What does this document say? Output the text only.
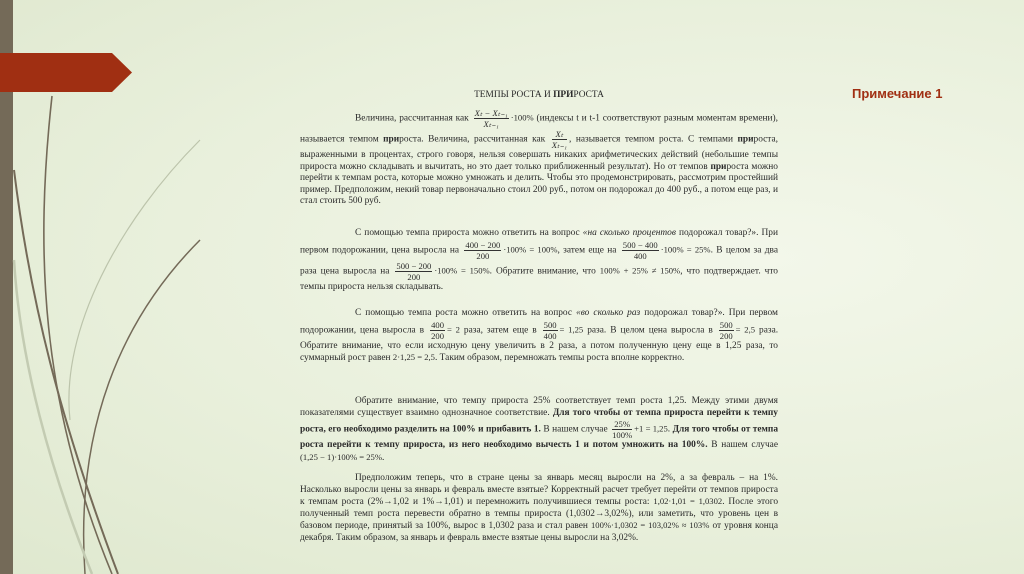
Примечание 1
ТЕМПЫ РОСТА И ПРИРОСТА
Величина, рассчитанная как $\frac{\text{Xₜ − Xₜ₋₁}}{\text{Xₜ₋₁}} \cdot 100\%$ (индексы t и t-1 соответствуют разным моментам времени), называется темпом прироста. Величина, рассчитанная как $\frac{\text{Xₜ}}{\text{Xₜ₋₁}}$ , называется темпом роста. С темпами прироста, выраженными в процентах, строго говоря, нельзя совершать никаких арифметических действий (небольшие темпы прироста можно складывать и вычитать, но это дает только приближенный результат). Но от темпов прироста можно перейти к темпам роста, которые можно умножать и делить. Чтобы это продемонстрировать, рассмотрим простейший пример. Предположим, некий товар первоначально стоил 200 руб., потом он подорожал до 400 руб., а потом еще раз, и стал стоить 500 руб.
С помощью темпа прироста можно ответить на вопрос «на сколько процентов подорожал товар?». При первом подорожании, цена выросла на $\frac{400 - 200}{200} \cdot 100\% = 100\%$, затем еще на $\frac{500 - 400}{400} \cdot 100\% = 25\%$. В целом за два раза цена выросла на $\frac{500 - 200}{200} \cdot 100\% = 150\%$. Обратите внимание, что 100% + 25% ≠ 150%, что подтверждает. что темпы прироста нельзя складывать.
С помощью темпа роста можно ответить на вопрос «во сколько раз подорожал товар?». При первом подорожании, цена выросла в $\frac{400}{200} = 2$ раза, затем еще в $\frac{500}{400} = 1,25$ раза. В целом цена выросла в $\frac{500}{200} = 2,5$ раза. Обратите внимание, что если исходную цену увеличить в 2 раза, а потом полученную цену еще в 1,25 раза, то суммарный рост равен 2·1,25 = 2,5. Таким образом, перемножать темпы роста вполне корректно.
Обратите внимание, что темпу прироста 25% соответствует темп роста 1,25. Между этими двумя показателями существует взаимно однозначное соответствие. Для того чтобы от темпа прироста перейти к темпу роста, его необходимо разделить на 100% и прибавить 1. В нашем случае $\frac{25\%}{100\%} +1 = 1,25$. Для того чтобы от темпа роста перейти к темпу прироста, из него необходимо вычесть 1 и потом умножить на 100%. В нашем случае (1,25 − 1)·100% = 25%.
Предположим теперь, что в стране цены за январь месяц выросли на 2%, а за февраль – на 1%. Насколько выросли цены за январь и февраль вместе взятые? Корректный расчет требует перейти от темпов прироста к темпам роста (2%→1,02 и 1%→1,01) и перемножить получившиеся темпы роста: 1,02·1,01 = 1,0302. После этого полученный темп роста перевести обратно в темпы прироста (1,0302→3,02%), или заметить, что уровень цен в базовом периоде, принятый за 100%, вырос в 1,0302 раза и стал равен 100%·1,0302 = 103,02% ≈ 103% от уровня конца декабря. Таким образом, за январь и февраль вместе взятые цены выросли на 3,02%.
